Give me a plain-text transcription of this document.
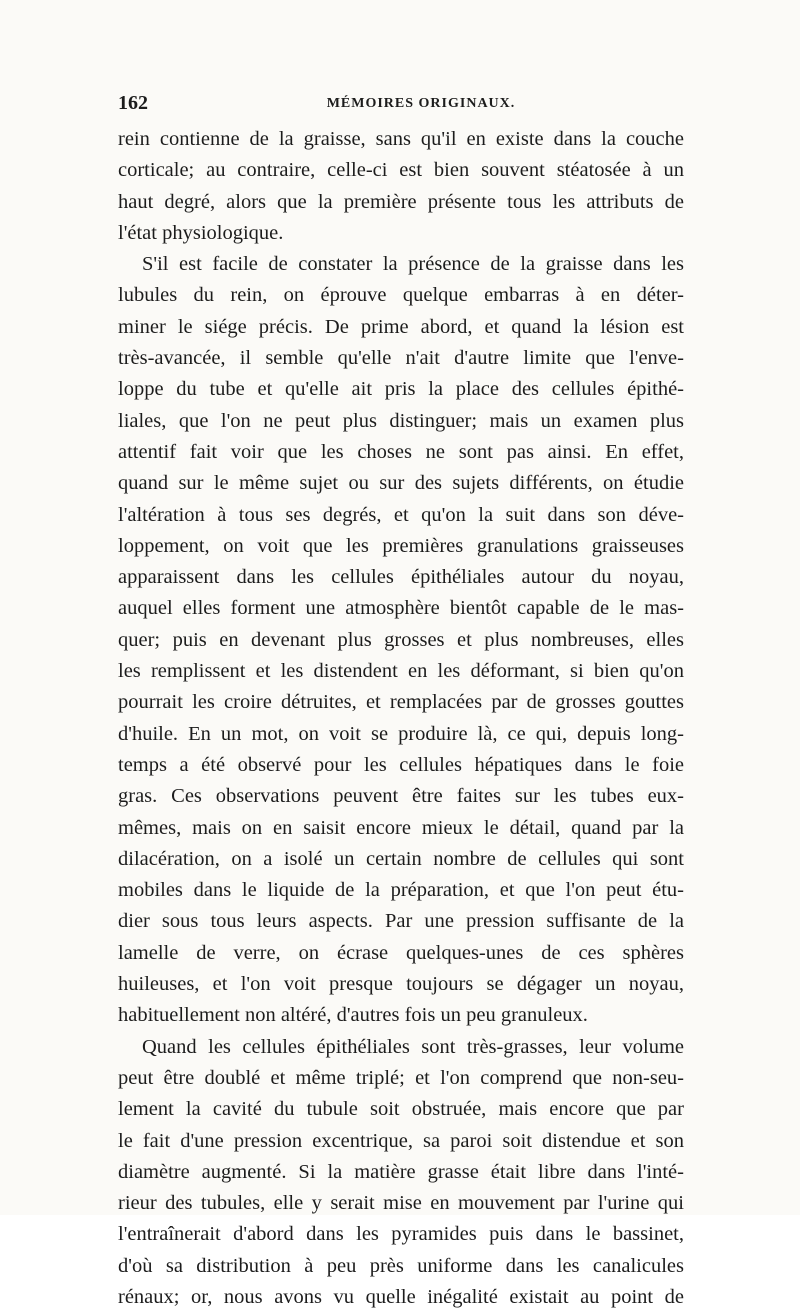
162	MÉMOIRES ORIGINAUX.
rein contienne de la graisse, sans qu'il en existe dans la couche
corticale; au contraire, celle-ci est bien souvent stéatosée à un
haut degré, alors que la première présente tous les attributs de
l'état physiologique.
S'il est facile de constater la présence de la graisse dans les
lubules du rein, on éprouve quelque embarras à en déter-
miner le siége précis. De prime abord, et quand la lésion est
très-avancée, il semble qu'elle n'ait d'autre limite que l'enve-
loppe du tube et qu'elle ait pris la place des cellules épithé-
liales, que l'on ne peut plus distinguer; mais un examen plus
attentif fait voir que les choses ne sont pas ainsi. En effet,
quand sur le même sujet ou sur des sujets différents, on étudie
l'altération à tous ses degrés, et qu'on la suit dans son déve-
loppement, on voit que les premières granulations graisseuses
apparaissent dans les cellules épithéliales autour du noyau,
auquel elles forment une atmosphère bientôt capable de le mas-
quer; puis en devenant plus grosses et plus nombreuses, elles
les remplissent et les distendent en les déformant, si bien qu'on
pourrait les croire détruites, et remplacées par de grosses gouttes
d'huile. En un mot, on voit se produire là, ce qui, depuis long-
temps a été observé pour les cellules hépatiques dans le foie
gras. Ces observations peuvent être faites sur les tubes eux-
mêmes, mais on en saisit encore mieux le détail, quand par la
dilacération, on a isolé un certain nombre de cellules qui sont
mobiles dans le liquide de la préparation, et que l'on peut étu-
dier sous tous leurs aspects. Par une pression suffisante de la
lamelle de verre, on écrase quelques-unes de ces sphères
huileuses, et l'on voit presque toujours se dégager un noyau,
habituellement non altéré, d'autres fois un peu granuleux.
Quand les cellules épithéliales sont très-grasses, leur volume
peut être doublé et même triplé; et l'on comprend que non-seu-
lement la cavité du tubule soit obstruée, mais encore que par
le fait d'une pression excentrique, sa paroi soit distendue et son
diamètre augmenté. Si la matière grasse était libre dans l'inté-
rieur des tubules, elle y serait mise en mouvement par l'urine qui
l'entraînerait d'abord dans les pyramides puis dans le bassinet,
d'où sa distribution à peu près uniforme dans les canalicules
rénaux; or, nous avons vu quelle inégalité existait au point de
